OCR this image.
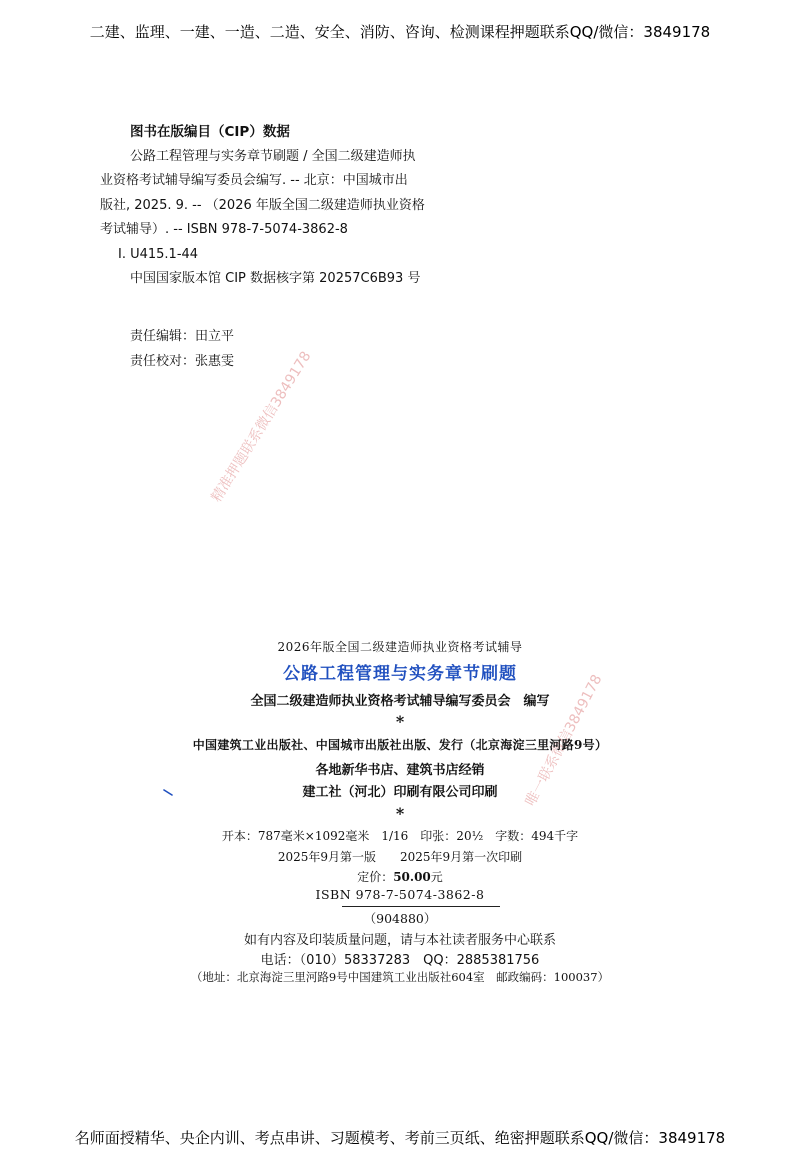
二建、监理、一建、一造、二造、安全、消防、咨询、检测课程押题联系QQ/微信：3849178
图书在版编目（CIP）数据
公路工程管理与实务章节刷题 / 全国二级建造师执
业资格考试辅导编写委员会编写. -- 北京：中国城市出
版社, 2025. 9. -- （2026 年版全国二级建造师执业资格
考试辅导）. -- ISBN 978-7-5074-3862-8
Ⅰ. U415.1-44
中国国家版本馆 CIP 数据核字第 20257C6B93 号
责任编辑：田立平
责任校对：张惠雯
精准押题联系微信3849178
唯一联系微信3849178
2026年版全国二级建造师执业资格考试辅导
公路工程管理与实务章节刷题
全国二级建造师执业资格考试辅导编写委员会　编写
*
中国建筑工业出版社、中国城市出版社出版、发行（北京海淀三里河路9号）
各地新华书店、建筑书店经销
建工社（河北）印刷有限公司印刷
*
开本：787毫米×1092毫米　1/16　印张：20½　字数：494千字
2025年9月第一版　　2025年9月第一次印刷
定价：50.00元
ISBN 978-7-5074-3862-8
（904880）
如有内容及印装质量问题，请与本社读者服务中心联系
电话：（010）58337283　QQ：2885381756
（地址：北京海淀三里河路9号中国建筑工业出版社604室　邮政编码：100037）
名师面授精华、央企内训、考点串讲、习题模考、考前三页纸、绝密押题联系QQ/微信：3849178
